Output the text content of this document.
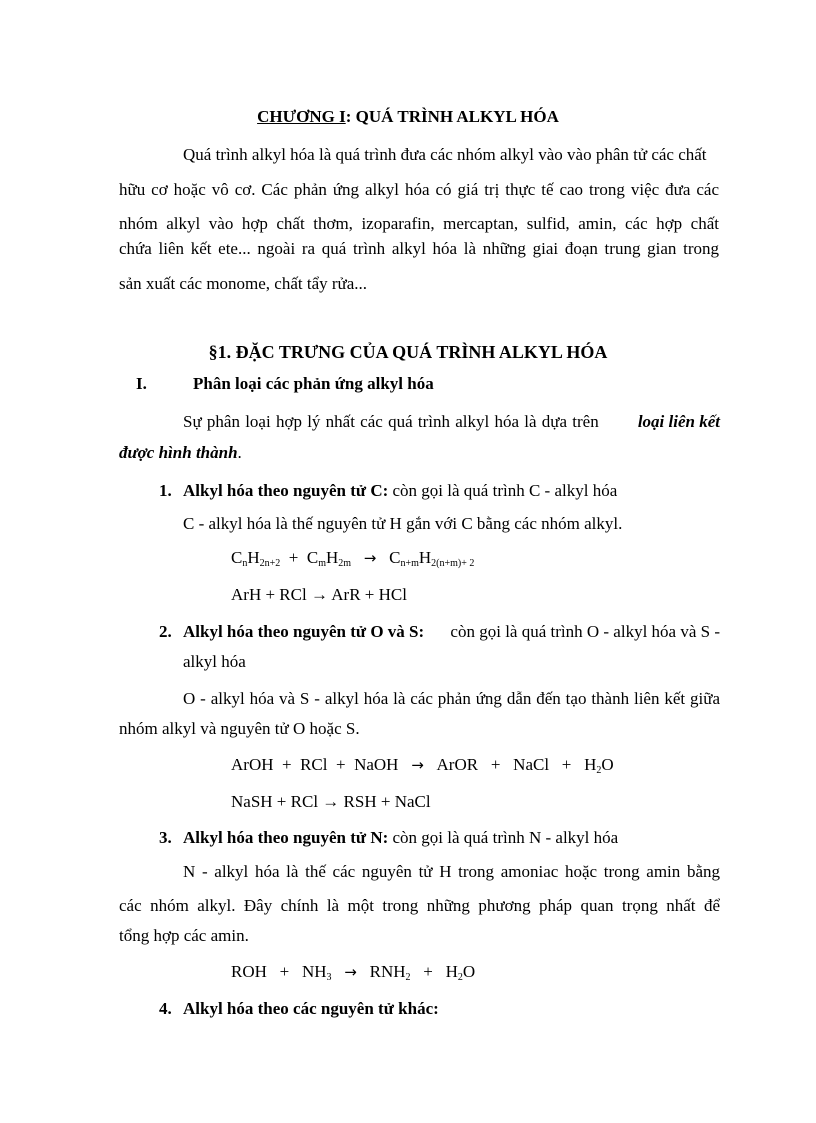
CHƯƠNG I: QUÁ TRÌNH ALKYL HÓA
Quá trình alkyl hóa là quá trình đưa các nhóm alkyl vào vào phân tử các chất
hữu cơ hoặc vô cơ. Các phản ứng alkyl hóa có giá trị thực tế cao trong việc đưa các
nhóm alkyl vào hợp chất thơm, izoparafin, mercaptan, sulfid, amin, các hợp chất
chứa liên kết ete... ngoài ra quá trình alkyl hóa là những giai đoạn trung gian trong
sản xuất các monome, chất tẩy rửa...
§1. ĐẶC TRƯNG CỦA QUÁ TRÌNH ALKYL HÓA
I.	Phân loại các phản ứng alkyl hóa
Sự phân loại hợp lý nhất các quá trình alkyl hóa là dựa trên loại liên kết
được hình thành.
1. Alkyl hóa theo nguyên tử C: còn gọi là quá trình C - alkyl hóa
C - alkyl hóa là thế nguyên tử H gắn với C bằng các nhóm alkyl.
$C_nH_{2n+2} + C_mH_{2m} \to C_{n+m}H_{2(n+m)+ 2}$
ArH + RCl → ArR + HCl
2. Alkyl hóa theo nguyên tử O và S: còn gọi là quá trình O - alkyl hóa và S -
alkyl hóa
O - alkyl hóa và S - alkyl hóa là các phản ứng dẫn đến tạo thành liên kết giữa
nhóm alkyl và nguyên tử O hoặc S.
ArOH  +  RCl  +  NaOH   →   ArOR   +   NaCl   +   $H_2O$
NaSH + RCl → RSH + NaCl
3. Alkyl hóa theo nguyên tử N: còn gọi là quá trình N - alkyl hóa
N - alkyl hóa là thế các nguyên tử H trong amoniac hoặc trong amin bằng
các nhóm alkyl. Đây chính là một trong những phương pháp quan trọng nhất để
tổng hợp các amin.
ROH   +   $NH_3 \to RNH_2 + H_2O$
4. Alkyl hóa theo các nguyên tử khác:
